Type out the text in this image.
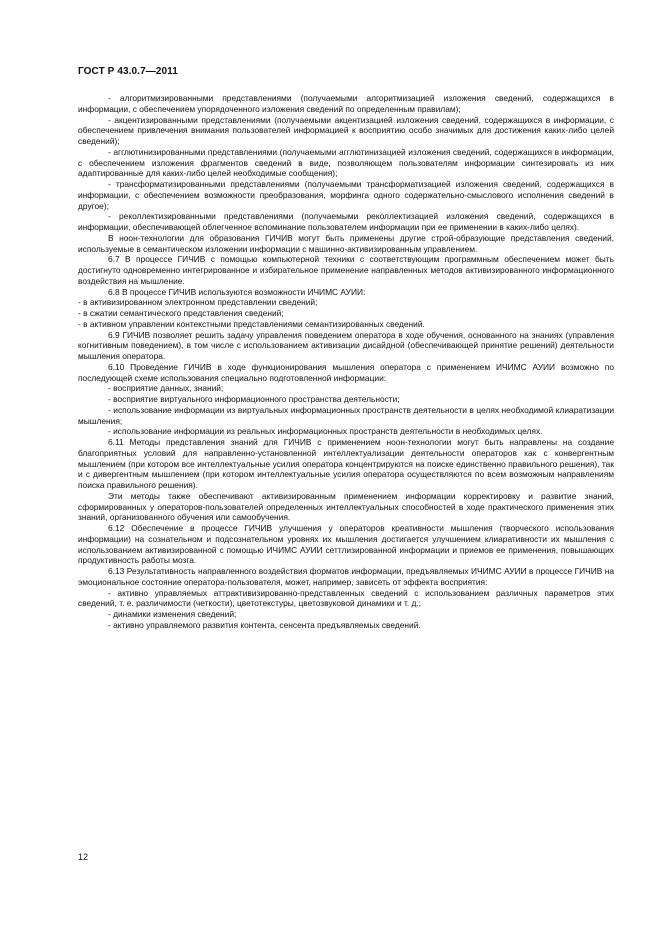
ГОСТ Р 43.0.7—2011

- алгоритмизированными представлениями (получаемыми алгоритмизацией изложения сведений, содержащихся в информации, с обеспечением упорядоченного изложения сведений по определенным правилам);

- акцентизированными представлениями (получаемыми акцентизацией изложения сведений, содержащихся в информации, с обеспечением привлечения внимания пользователей информацией к восприятию особо значимых для достижения каких-либо целей сведений);

- агглютинизированными представлениями (получаемыми агглютинизацией изложения сведений, содержащихся в информации, с обеспечением изложения фрагментов сведений в виде, позволяющем пользователям информации синтезировать из них адаптированные для каких-либо целей необходимые сообщения);

- трансформатизированными представлениями (получаемыми трансформатизацией изложения сведений, содержащихся в информации, с обеспечением возможности преобразования, морфинга одного содержательно-смыслового исполнения сведений в другое);

- реколлектизированными представлениями (получаемыми реколлектизацией изложения сведений, содержащихся в информации, обеспечивающей облегченное вспоминание пользователем информации при ее применении в каких-либо целях).

В ноон-технологии для образования ГИЧИВ могут быть применены другие строй-образующие представления сведений, используемые в семантическом изложении информации с машинно-активизированным управлением.

6.7 В процессе ГИЧИВ с помощью компьютерной техники с соответствующим программным обеспечением может быть достигнуто одновременно интегрированное и избирательное применение направленных методов активизированного информационного воздействия на мышление.

6.8 В процессе ГИЧИВ используются возможности ИЧИМС АУИИ:

- в активизированном электронном представлении сведений;

- в сжатии семантического представления сведений;

- в активном управлении контекстными представлениями семантизированных сведений.

6.9 ГИЧИВ позволяет решить задачу управления поведением оператора в ходе обучения, основанного на знаниях (управления когнитивным поведением), в том числе с использованием активизации дисайдной (обеспечивающей принятие решений) деятельности мышления оператора.

6.10 Проведение ГИЧИВ в ходе функционирования мышления оператора с применением ИЧИМС АУИИ возможно по последующей схеме использования специально подготовленной информации:

- восприятие данных, знаний;

- восприятие виртуального информационного пространства деятельности;

- использование информации из виртуальных информационных пространств деятельности в целях необходимой клиаратизации мышления;

- использование информации из реальных информационных пространств деятельности в необходимых целях.

6.11 Методы представления знаний для ГИЧИВ с применением ноон-технологии могут быть направлены на создание благоприятных условий для направленно-установленной интеллектуализации деятельности операторов как с конвергентным мышлением (при котором все интеллектуальные усилия оператора концентрируются на поиске единственно правильного решения), так и с дивергентным мышлением (при котором интеллектуальные усилия оператора осуществляются по всем возможным направлениям поиска правильного решения).

Эти методы также обеспечивают активизированным применением информации корректировку и развитие знаний, сформированных у операторов-пользователей определенных интеллектуальных способностей в ходе практического применения этих знаний, организованного обучения или самообучения.

6.12 Обеспечение в процессе ГИЧИВ улучшения у операторов креативности мышления (творческого использования информации) на сознательном и подсознательном уровнях их мышления достигается улучшением клиаративности их мышления с использованием активизированной с помощью ИЧИМС АУИИ сеттлизированной информации и приемов ее применения, повышающих продуктивность работы мозга.

6.13 Результативность направленного воздействия форматов информации, предъявляемых ИЧИМС АУИИ в процессе ГИЧИВ на эмоциональное состояние оператора-пользователя, может, например, зависеть от эффекта восприятия:

- активно управляемых аттрактивизированно-представленных сведений с использованием различных параметров этих сведений, т. е. различимости (четкости), цветотекстуры, цветозвуковой динамики и т. д.;

- динамики изменения сведений;

- активно управляемого развития контента, сенсента предъявляемых сведений.

12
